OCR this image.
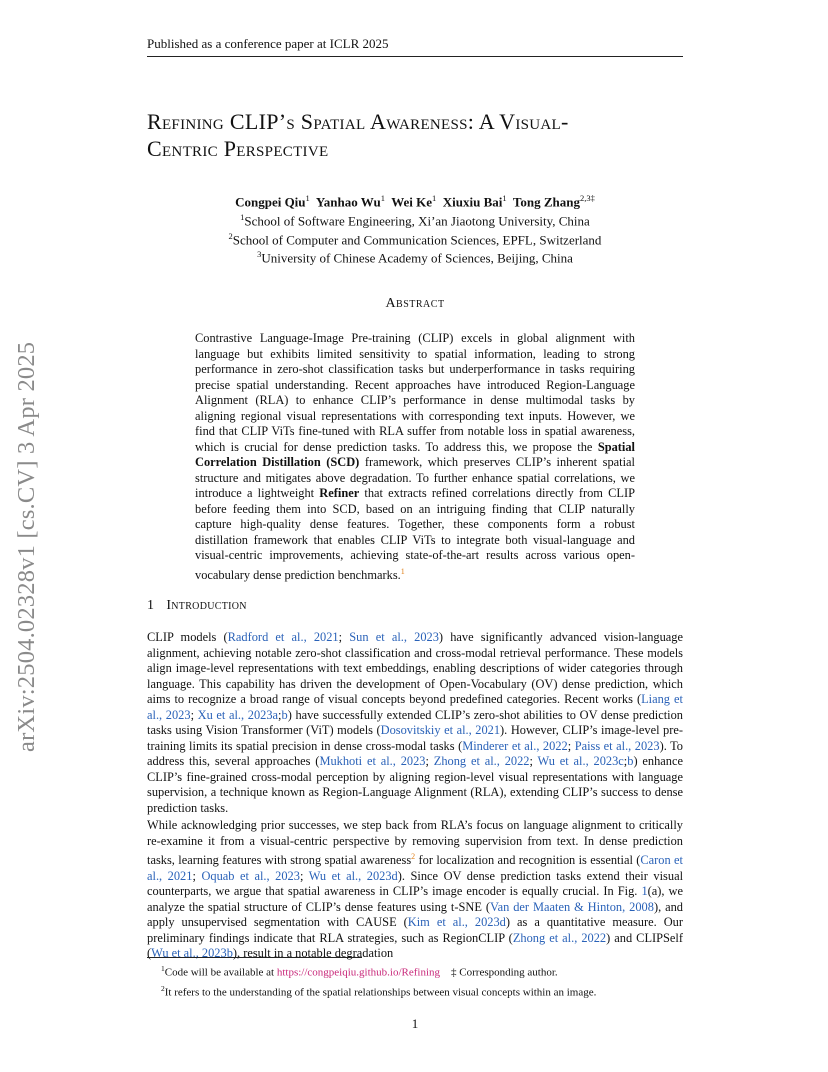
Published as a conference paper at ICLR 2025
arXiv:2504.02328v1 [cs.CV] 3 Apr 2025
Refining CLIP’s Spatial Awareness: A Visual-
Centric Perspective
Congpei Qiu$^1$ Yanhao Wu$^1$ Wei Ke$^1$ Xiuxiu Bai$^1$ Tong Zhang$^{2,3\ddagger}$
$^1$School of Software Engineering, Xi’an Jiaotong University, China
$^2$School of Computer and Communication Sciences, EPFL, Switzerland
$^3$University of Chinese Academy of Sciences, Beijing, China
Abstract
Contrastive Language-Image Pre-training (CLIP) excels in global alignment with language but exhibits limited sensitivity to spatial information, leading to strong performance in zero-shot classification tasks but underperformance in tasks requiring precise spatial understanding. Recent approaches have introduced Region-Language Alignment (RLA) to enhance CLIP’s performance in dense multimodal tasks by aligning regional visual representations with corresponding text inputs. However, we find that CLIP ViTs fine-tuned with RLA suffer from notable loss in spatial awareness, which is crucial for dense prediction tasks. To address this, we propose the Spatial Correlation Distillation (SCD) framework, which preserves CLIP’s inherent spatial structure and mitigates above degradation. To further enhance spatial correlations, we introduce a lightweight Refiner that extracts refined correlations directly from CLIP before feeding them into SCD, based on an intriguing finding that CLIP naturally capture high-quality dense features. Together, these components form a robust distillation framework that enables CLIP ViTs to integrate both visual-language and visual-centric improvements, achieving state-of-the-art results across various open-vocabulary dense prediction benchmarks.$^1$
1 Introduction
CLIP models (Radford et al., 2021; Sun et al., 2023) have significantly advanced vision-language alignment, achieving notable zero-shot classification and cross-modal retrieval performance. These models align image-level representations with text embeddings, enabling descriptions of wider categories through language. This capability has driven the development of Open-Vocabulary (OV) dense prediction, which aims to recognize a broad range of visual concepts beyond predefined categories. Recent works (Liang et al., 2023; Xu et al., 2023a;b) have successfully extended CLIP’s zero-shot abilities to OV dense prediction tasks using Vision Transformer (ViT) models (Dosovitskiy et al., 2021). However, CLIP’s image-level pre-training limits its spatial precision in dense cross-modal tasks (Minderer et al., 2022; Paiss et al., 2023). To address this, several approaches (Mukhoti et al., 2023; Zhong et al., 2022; Wu et al., 2023c;b) enhance CLIP’s fine-grained cross-modal perception by aligning region-level visual representations with language supervision, a technique known as Region-Language Alignment (RLA), extending CLIP’s success to dense prediction tasks.
While acknowledging prior successes, we step back from RLA’s focus on language alignment to critically re-examine it from a visual-centric perspective by removing supervision from text. In dense prediction tasks, learning features with strong spatial awareness$^2$ for localization and recognition is essential (Caron et al., 2021; Oquab et al., 2023; Wu et al., 2023d). Since OV dense prediction tasks extend their visual counterparts, we argue that spatial awareness in CLIP’s image encoder is equally crucial. In Fig. 1(a), we analyze the spatial structure of CLIP’s dense features using t-SNE (Van der Maaten & Hinton, 2008), and apply unsupervised segmentation with CAUSE (Kim et al., 2023d) as a quantitative measure. Our preliminary findings indicate that RLA strategies, such as RegionCLIP (Zhong et al., 2022) and CLIPSelf (Wu et al., 2023b), result in a notable degradation
$^1$Code will be available at https://congpeiqiu.github.io/Refining ‡ Corresponding author.
$^2$It refers to the understanding of the spatial relationships between visual concepts within an image.
1
